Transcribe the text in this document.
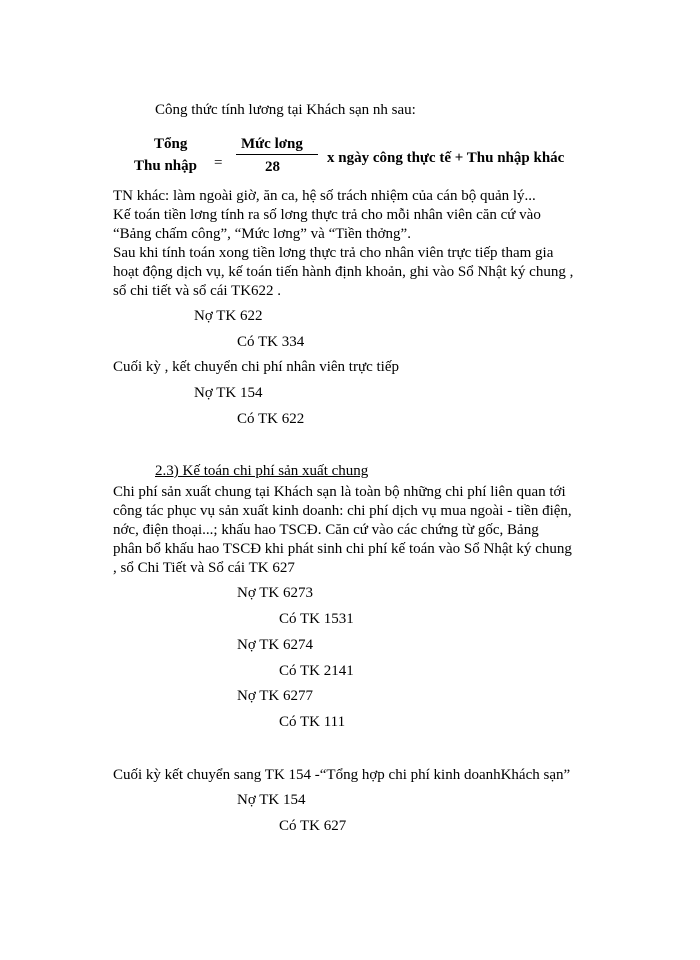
Công thức tính lương tại Khách sạn nh sau:
Tổng
Thu nhập =
Mức lơng
28
x ngày công thực tế + Thu nhập khác
TN khác: làm ngoài giờ, ăn ca, hệ số trách nhiệm của cán bộ quản lý...
Kế toán tiền lơng tính ra số lơng thực trả cho mỗi nhân viên căn cứ vào
“Bảng chấm công”, “Mức lơng” và “Tiền thởng”.
Sau khi tính toán xong tiền lơng thực trả cho nhân viên trực tiếp tham gia
hoạt động dịch vụ, kế toán tiến hành định khoản, ghi vào Sổ Nhật ký chung ,
sổ chi tiết và sổ cái TK622 .
Nợ TK 622
Có TK 334
Cuối kỳ , kết chuyển chi phí nhân viên trực tiếp
Nợ TK 154
Có TK 622
2.3) Kế toán chi phí sản xuất chung
Chi phí sản xuất chung tại Khách sạn là toàn bộ những chi phí liên quan tới
công tác phục vụ sản xuất kinh doanh: chi phí dịch vụ mua ngoài - tiền điện,
nớc, điện thoại...; khấu hao TSCĐ. Căn cứ vào các chứng từ gốc, Bảng
phân bổ khấu hao TSCĐ khi phát sinh chi phí kế toán vào Sổ Nhật ký chung
, sổ Chi Tiết và Sổ cái TK 627
Nợ TK 6273
Có TK 1531
Nợ TK 6274
Có TK 2141
Nợ TK 6277
Có TK 111
Cuối kỳ kết chuyển sang TK 154 -“Tổng hợp chi phí kinh doanhKhách sạn”
Nợ TK 154
Có TK 627
